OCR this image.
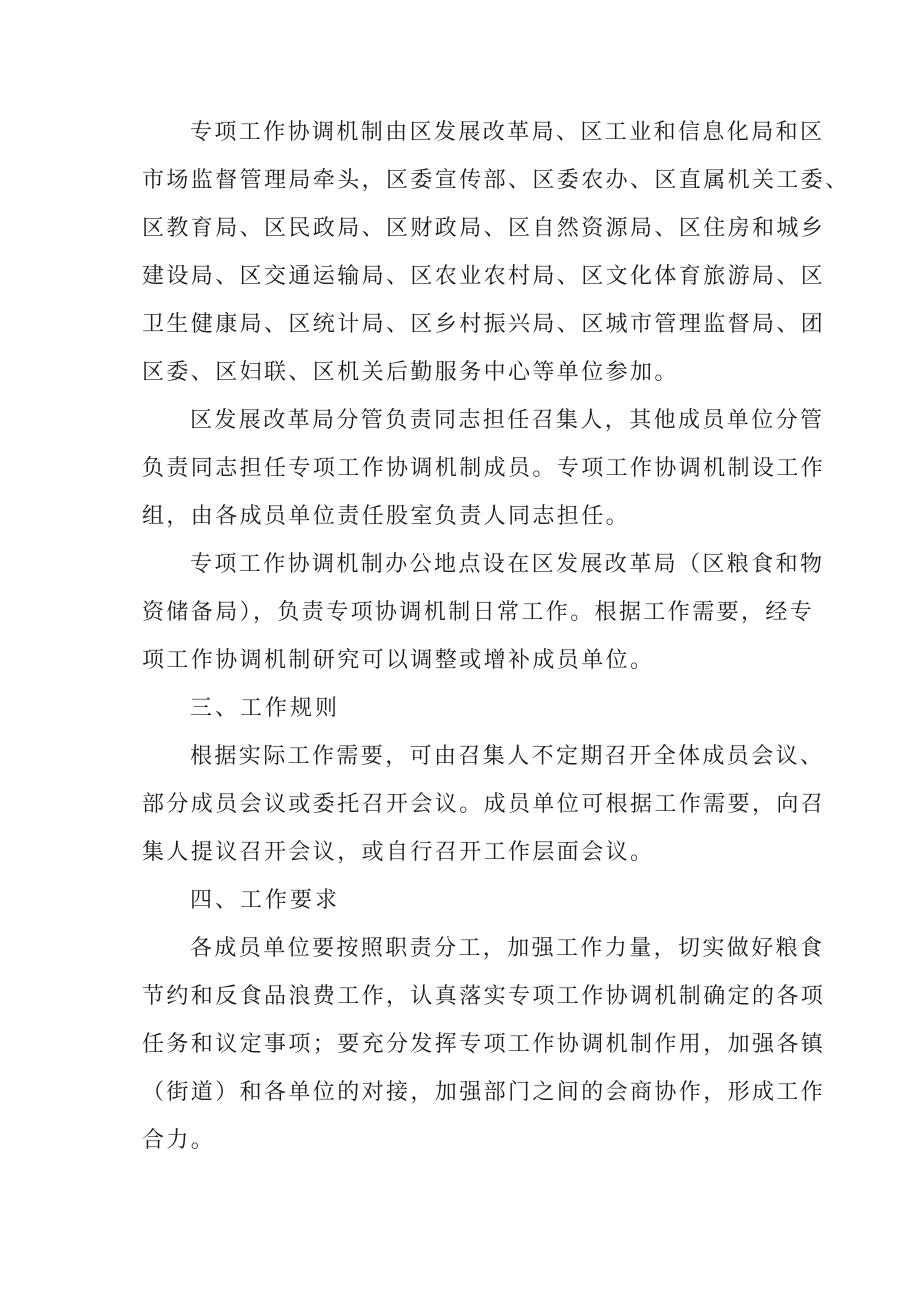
专项工作协调机制由区发展改革局、区工业和信息化局和区
市场监督管理局牵头，区委宣传部、区委农办、区直属机关工委、
区教育局、区民政局、区财政局、区自然资源局、区住房和城乡
建设局、区交通运输局、区农业农村局、区文化体育旅游局、区
卫生健康局、区统计局、区乡村振兴局、区城市管理监督局、团
区委、区妇联、区机关后勤服务中心等单位参加。
区发展改革局分管负责同志担任召集人，其他成员单位分管
负责同志担任专项工作协调机制成员。专项工作协调机制设工作
组，由各成员单位责任股室负责人同志担任。
专项工作协调机制办公地点设在区发展改革局（区粮食和物
资储备局），负责专项协调机制日常工作。根据工作需要，经专
项工作协调机制研究可以调整或增补成员单位。
三、工作规则
根据实际工作需要，可由召集人不定期召开全体成员会议、
部分成员会议或委托召开会议。成员单位可根据工作需要，向召
集人提议召开会议，或自行召开工作层面会议。
四、工作要求
各成员单位要按照职责分工，加强工作力量，切实做好粮食
节约和反食品浪费工作，认真落实专项工作协调机制确定的各项
任务和议定事项；要充分发挥专项工作协调机制作用，加强各镇
（街道）和各单位的对接，加强部门之间的会商协作，形成工作
合力。
